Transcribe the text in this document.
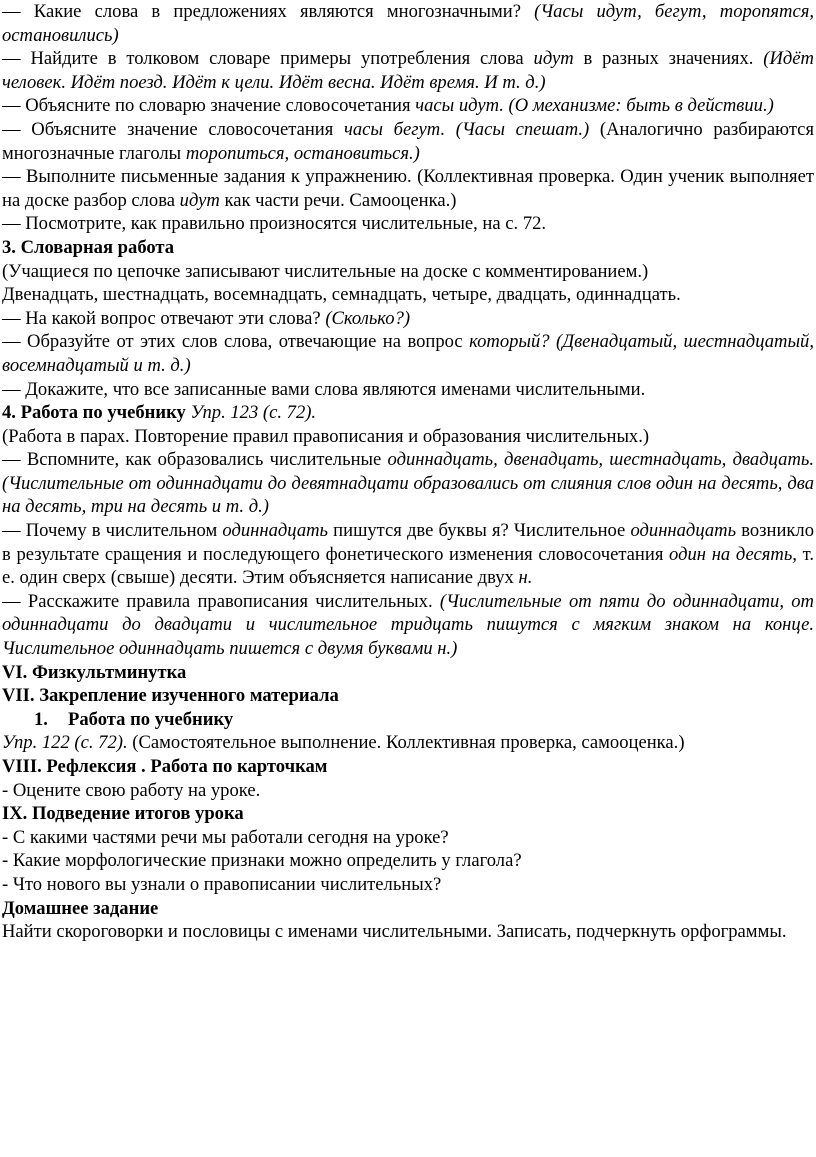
— Какие слова в предложениях являются многозначными? (Часы идут, бегут, торопятся, остановились)
— Найдите в толковом словаре примеры употребления слова идут в разных значениях. (Идёт человек. Идёт поезд. Идёт к цели. Идёт весна. Идёт время. И т. д.)
— Объясните по словарю значение словосочетания часы идут. (О механизме: быть в действии.)
— Объясните значение словосочетания часы бегут. (Часы спешат.) (Аналогично разбираются многозначные глаголы торопиться, остановиться.)
— Выполните письменные задания к упражнению. (Коллективная проверка. Один ученик выполняет на доске разбор слова идут как части речи. Самооценка.)
— Посмотрите, как правильно произносятся числительные, на с. 72.
3. Словарная работа
(Учащиеся по цепочке записывают числительные на доске с комментированием.)
Двенадцать, шестнадцать, восемнадцать, семнадцать, четыре, двадцать, одиннадцать.
— На какой вопрос отвечают эти слова? (Сколько?)
— Образуйте от этих слов слова, отвечающие на вопрос который? (Двенадцатый, шестнадцатый, восемнадцатый и т. д.)
— Докажите, что все записанные вами слова являются именами числительными.
4. Работа по учебнику Упр. 123 (с. 72).
(Работа в парах. Повторение правил правописания и образования числительных.)
— Вспомните, как образовались числительные одиннадцать, двенадцать, шестнадцать, двадцать. (Числительные от одиннадцати до девятнадцати образовались от слияния слов один на десять, два на десять, три на десять и т. д.)
— Почему в числительном одиннадцать пишутся две буквы я? Числительное одиннадцать возникло в результате сращения и последующего фонетического изменения словосочетания один на десять, т. е. один сверх (свыше) десяти. Этим объясняется написание двух н.
— Расскажите правила правописания числительных. (Числительные от пяти до одиннадцати, от одиннадцати до двадцати и числительное тридцать пишутся с мягким знаком на конце. Числительное одиннадцать пишется с двумя буквами н.)
VI. Физкультминутка
VII. Закрепление изученного материала
1. Работа по учебнику
Упр. 122 (с. 72). (Самостоятельное выполнение. Коллективная проверка, самооценка.)
VIII. Рефлексия . Работа по карточкам
- Оцените свою работу на уроке.
IX. Подведение итогов урока
- С какими частями речи мы работали сегодня на уроке?
- Какие морфологические признаки можно определить у глагола?
- Что нового вы узнали о правописании числительных?
Домашнее задание
Найти скороговорки и пословицы с именами числительными. Записать, подчеркнуть орфограммы.
